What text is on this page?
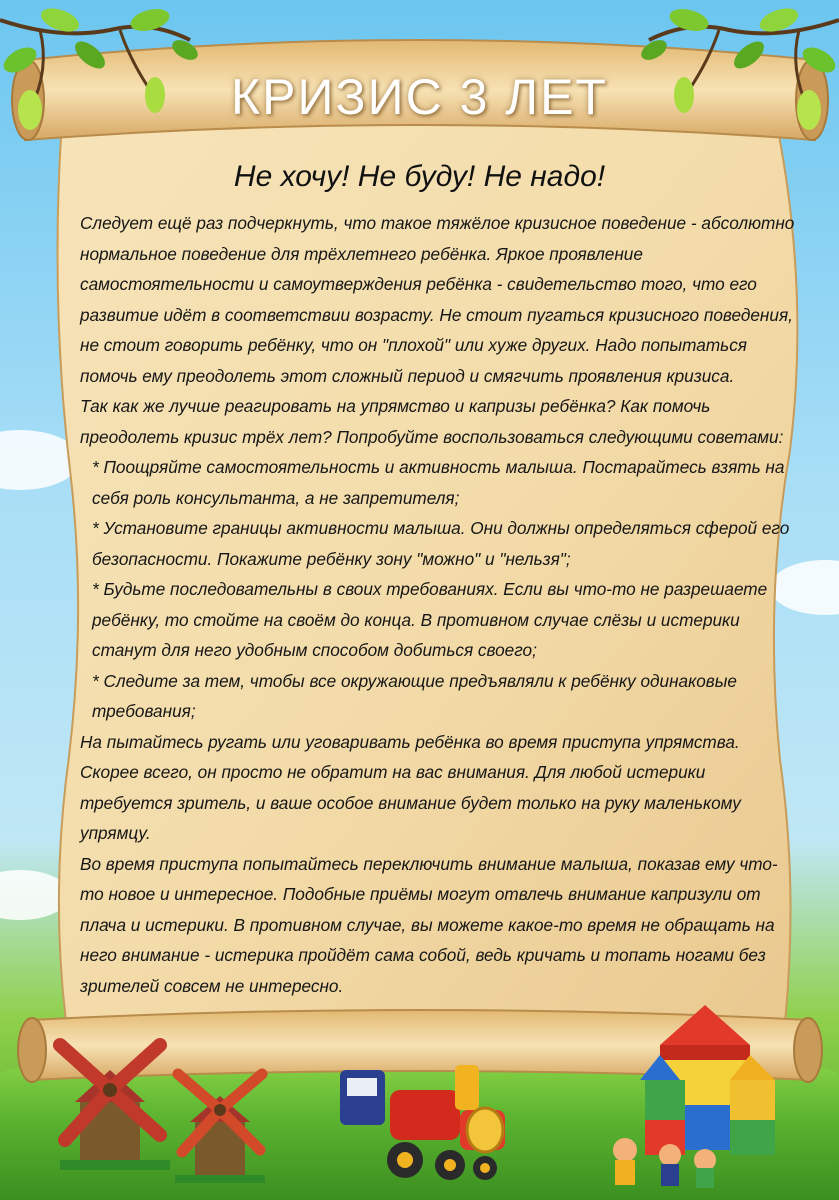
КРИЗИС 3 ЛЕТ
Не хочу! Не буду! Не надо!

Следует ещё раз подчеркнуть, что такое тяжёлое кризисное поведение - абсолютно нормальное поведение для трёхлетнего ребёнка. Яркое проявление самостоятельности и самоутверждения ребёнка - свидетельство того, что его развитие идёт в соответствии возрасту. Не стоит пугаться кризисного поведения, не стоит говорить ребёнку, что он "плохой" или хуже других. Надо попытаться помочь ему преодолеть этот сложный период и смягчить проявления кризиса.

Так как же лучше реагировать на упрямство и капризы ребёнка? Как помочь преодолеть кризис трёх лет? Попробуйте воспользоваться следующими советами:

* Поощряйте самостоятельность и активность малыша. Постарайтесь взять на себя роль консультанта, а не запретителя;

* Установите границы активности малыша. Они должны определяться сферой его безопасности. Покажите ребёнку зону "можно" и "нельзя";

* Будьте последовательны в своих требованиях. Если вы что-то не разрешаете ребёнку, то стойте на своём до конца. В противном случае слёзы и истерики станут для него удобным способом добиться своего;

* Следите за тем, чтобы все окружающие предъявляли к ребёнку одинаковые требования;

На пытайтесь ругать или уговаривать ребёнка во время приступа упрямства. Скорее всего, он просто не обратит на вас внимания. Для любой истерики требуется зритель, и ваше особое внимание будет только на руку маленькому упрямцу.

Во время приступа попытайтесь переключить внимание малыша, показав ему что-то новое и интересное. Подобные приёмы могут отвлечь внимание капризули от плача и истерики. В противном случае, вы можете какое-то время не обращать на него внимание - истерика пройдёт сама собой, ведь кричать и топать ногами без зрителей совсем не интересно.
